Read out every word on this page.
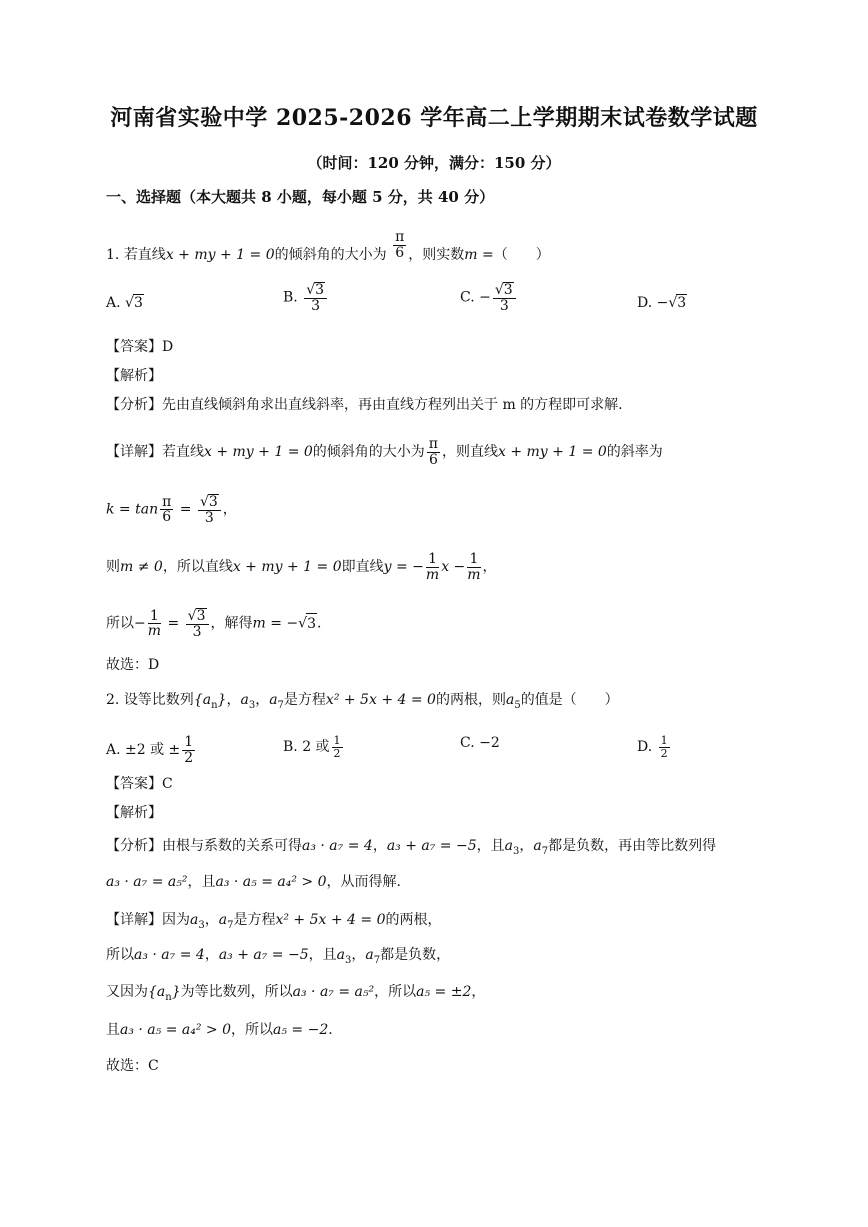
河南省实验中学 2025-2026 学年高二上学期期末试卷数学试题
（时间：120 分钟，满分：150 分）
一、选择题（本大题共 8 小题，每小题 5 分，共 40 分）
1. 若直线x + my + 1 = 0的倾斜角的大小为 $\frac{\pi}{6}$ ，则实数m =（　　）
A. √3	B. $\frac{√3}{3}$	C. − $\frac{√3}{3}$	D. −√3
【答案】D
【解析】
【分析】先由直线倾斜角求出直线斜率，再由直线方程列出关于 m 的方程即可求解.
【详解】若直线x + my + 1 = 0的倾斜角的大小为 $\frac{\pi}{6}$ ，则直线x + my + 1 = 0的斜率为
$k = \tan \frac{\pi}{6} = \frac{√3}{3}$ ，
则m ≠ 0，所以直线x + my + 1 = 0即直线y = − $\frac{1}{m}$ $x - \frac{1}{m}$ ，
所以− $\frac{1}{m} = \frac{√3}{3}$ ，解得m = −√3.
故选：D
2. 设等比数列$\{a_n\}$，$a_3$，$a_7$是方程x² + 5x + 4 = 0的两根，则$a_5$的值是（　　）
A. ±2 或 ± $\frac{1}{2}$	B. 2 或 $\frac{1}{2}$	C. −2	D. $\frac{1}{2}$
【答案】C
【解析】
【分析】由根与系数的关系可得a₃ · a₇ = 4，a₃ + a₇ = −5，且$a_3$，$a_7$都是负数，再由等比数列得
a₃ · a₇ = a₅²，且a₃ · a₅ = a₄² > 0，从而得解.
【详解】因为$a_3$，$a_7$是方程x² + 5x + 4 = 0的两根，
所以a₃ · a₇ = 4，a₃ + a₇ = −5，且$a_3$，$a_7$都是负数，
又因为$\{a_n\}$为等比数列，所以a₃ · a₇ = a₅²，所以a₅ = ±2，
且a₃ · a₅ = a₄² > 0，所以a₅ = −2.
故选：C
